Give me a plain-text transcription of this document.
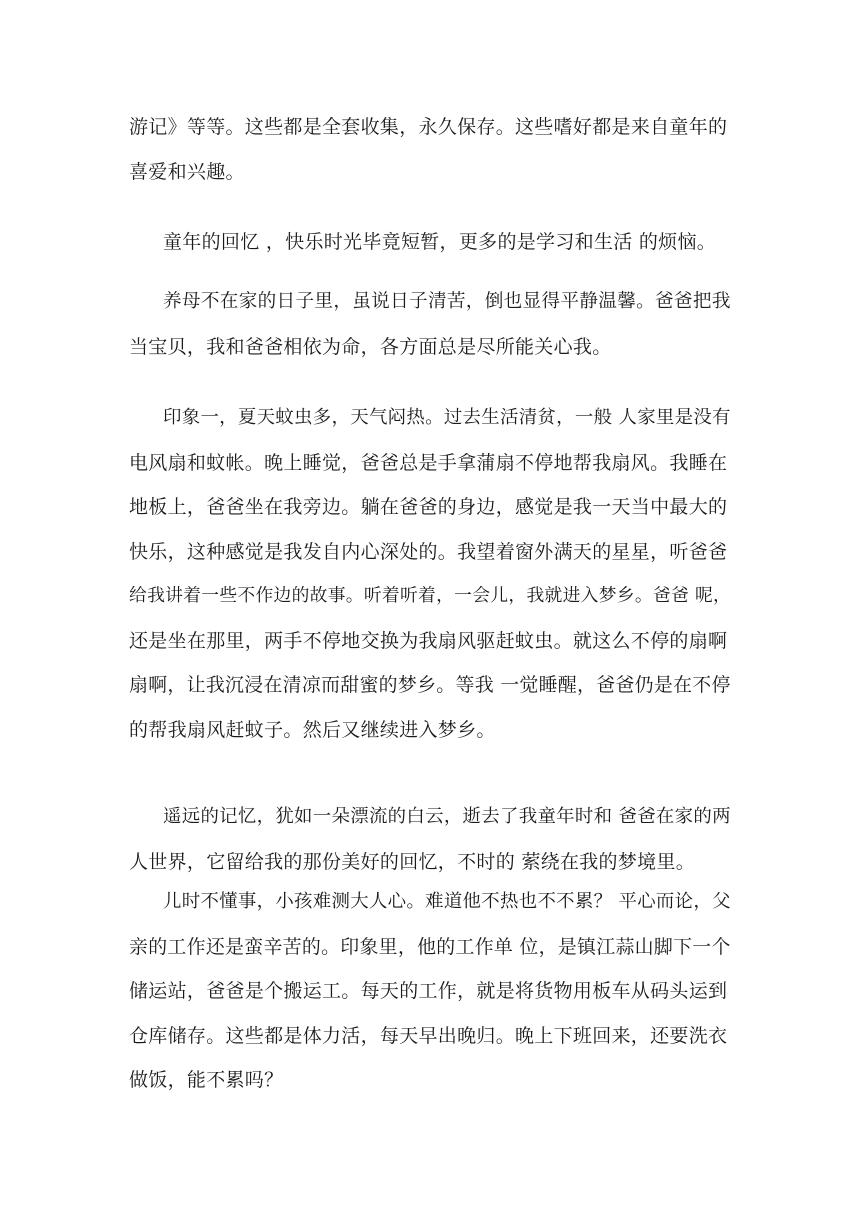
游记》等等。这些都是全套收集，永久保存。这些嗜好都是来自童年的
喜爱和兴趣。
童年的回忆 ，快乐时光毕竟短暂，更多的是学习和生活 的烦恼。
养母不在家的日子里，虽说日子清苦，倒也显得平静温馨。爸爸把我
当宝贝，我和爸爸相依为命，各方面总是尽所能关心我。
印象一，夏天蚊虫多，天气闷热。过去生活清贫，一般 人家里是没有
电风扇和蚊帐。晚上睡觉，爸爸总是手拿蒲扇不停地帮我扇风。我睡在
地板上，爸爸坐在我旁边。躺在爸爸的身边，感觉是我一天当中最大的
快乐，这种感觉是我发自内心深处的。我望着窗外满天的星星，听爸爸
给我讲着一些不作边的故事。听着听着，一会儿，我就进入梦乡。爸爸 呢，
还是坐在那里，两手不停地交换为我扇风驱赶蚊虫。就这么不停的扇啊
扇啊，让我沉浸在清凉而甜蜜的梦乡。等我 一觉睡醒，爸爸仍是在不停
的帮我扇风赶蚊子。然后又继续进入梦乡。
遥远的记忆，犹如一朵漂流的白云，逝去了我童年时和 爸爸在家的两
人世界，它留给我的那份美好的回忆，不时的 萦绕在我的梦境里。
儿时不懂事，小孩难测大人心。难道他不热也不不累？ 平心而论，父
亲的工作还是蛮辛苦的。印象里，他的工作单 位，是镇江蒜山脚下一个
储运站，爸爸是个搬运工。每天的工作，就是将货物用板车从码头运到
仓库储存。这些都是体力活，每天早出晚归。晚上下班回来，还要洗衣
做饭，能不累吗？
